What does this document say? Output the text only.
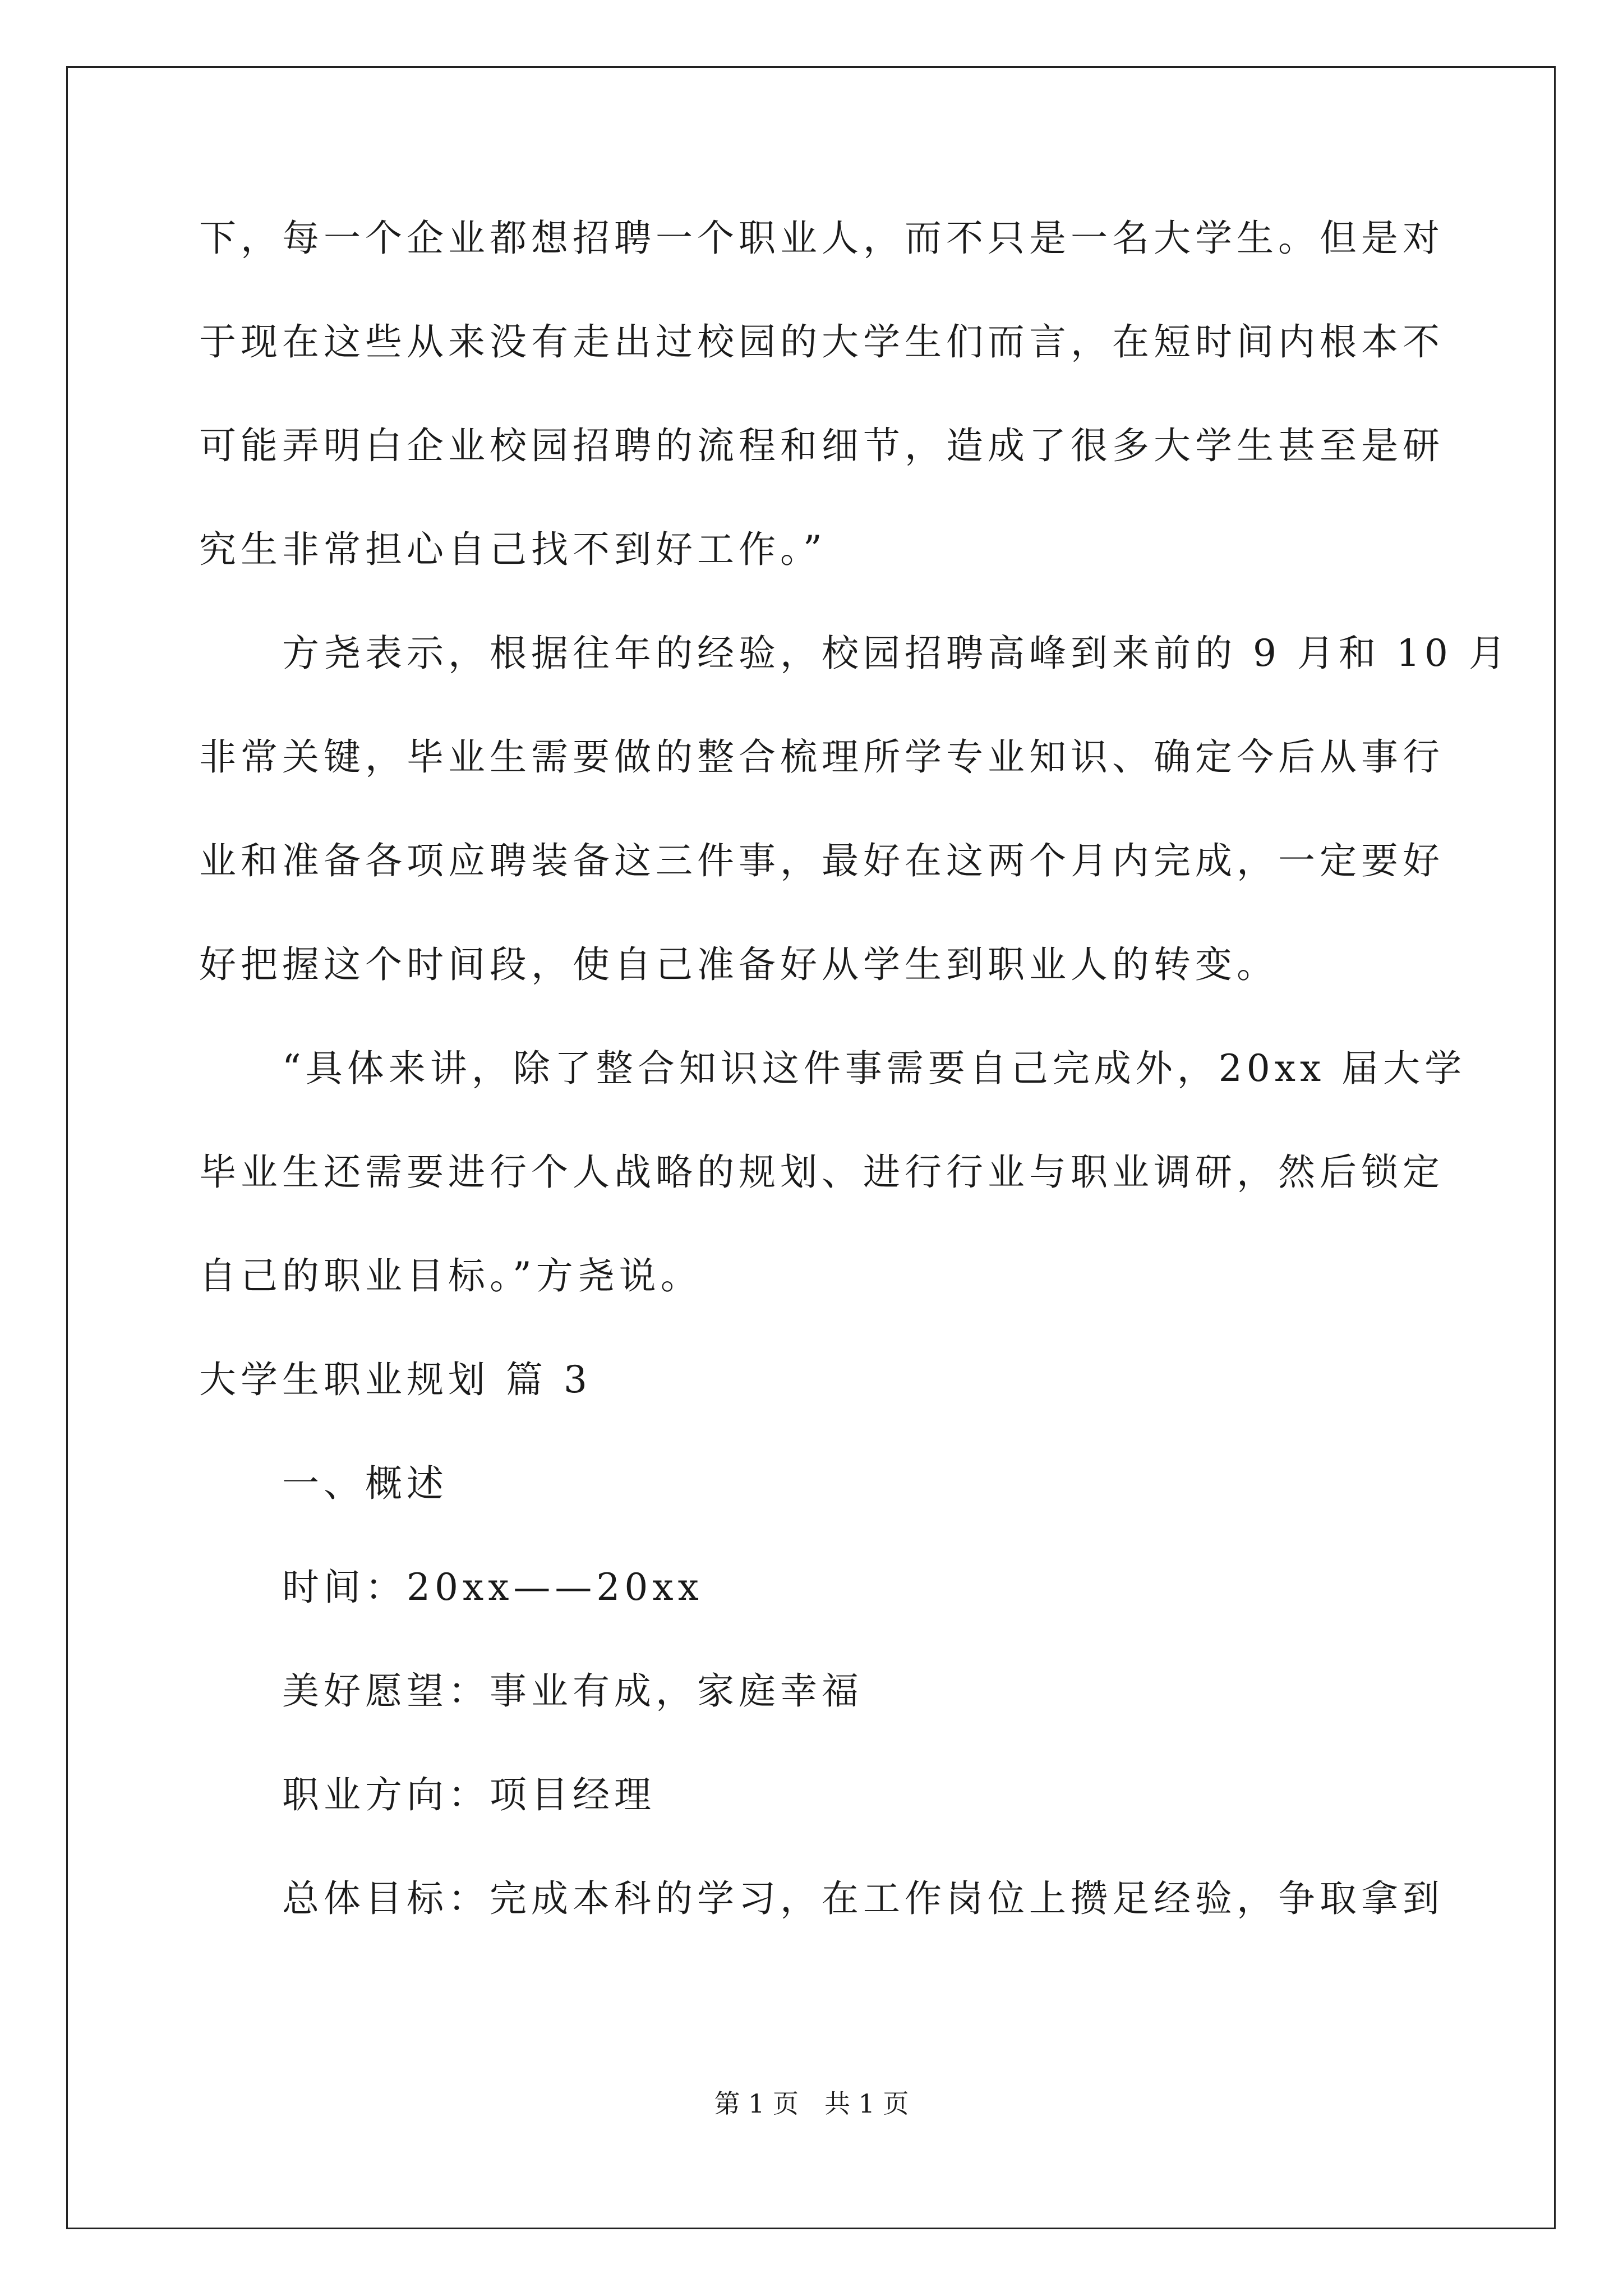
下，每一个企业都想招聘一个职业人，而不只是一名大学生。但是对
于现在这些从来没有走出过校园的大学生们而言，在短时间内根本不
可能弄明白企业校园招聘的流程和细节，造成了很多大学生甚至是研
究生非常担心自己找不到好工作。”
方尧表示，根据往年的经验，校园招聘高峰到来前的 9 月和 10 月
非常关键，毕业生需要做的整合梳理所学专业知识、确定今后从事行
业和准备各项应聘装备这三件事，最好在这两个月内完成，一定要好
好把握这个时间段，使自己准备好从学生到职业人的转变。
“具体来讲，除了整合知识这件事需要自己完成外，20xx 届大学
毕业生还需要进行个人战略的规划、进行行业与职业调研，然后锁定
自己的职业目标。”方尧说。
大学生职业规划 篇 3
一、概述
时间：20xx——20xx
美好愿望：事业有成，家庭幸福
职业方向：项目经理
总体目标：完成本科的学习，在工作岗位上攒足经验，争取拿到
第 1 页　共 1 页
